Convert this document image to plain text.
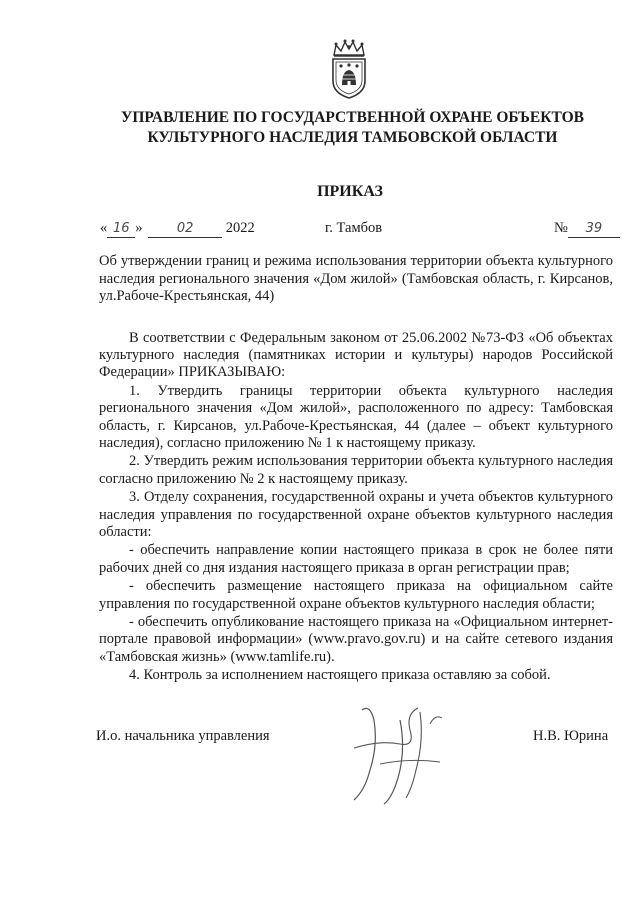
УПРАВЛЕНИЕ ПО ГОСУДАРСТВЕННОЙ ОХРАНЕ ОБЪЕКТОВ
КУЛЬТУРНОГО НАСЛЕДИЯ ТАМБОВСКОЙ ОБЛАСТИ
ПРИКАЗ
« 16 »	02 2022	г. Тамбов	№ 39
Об утверждении границ и режима использования территории объекта культурного наследия регионального значения «Дом жилой» (Тамбовская область, г. Кирсанов, ул.Рабоче-Крестьянская, 44)

В соответствии с Федеральным законом от 25.06.2002 №73-ФЗ «Об объектах культурного наследия (памятниках истории и культуры) народов Российской Федерации» ПРИКАЗЫВАЮ:

1. Утвердить границы территории объекта культурного наследия регионального значения «Дом жилой», расположенного по адресу: Тамбовская область, г. Кирсанов, ул.Рабоче-Крестьянская, 44 (далее – объект культурного наследия), согласно приложению № 1 к настоящему приказу.

2. Утвердить режим использования территории объекта культурного наследия согласно приложению № 2 к настоящему приказу.

3. Отделу сохранения, государственной охраны и учета объектов культурного наследия управления по государственной охране объектов культурного наследия области:

- обеспечить направление копии настоящего приказа в срок не более пяти рабочих дней со дня издания настоящего приказа в орган регистрации прав;

- обеспечить размещение настоящего приказа на официальном сайте управления по государственной охране объектов культурного наследия области;

- обеспечить опубликование настоящего приказа на «Официальном интернет-портале правовой информации» (www.pravo.gov.ru) и на сайте сетевого издания «Тамбовская жизнь» (www.tamlife.ru).

4. Контроль за исполнением настоящего приказа оставляю за собой.

И.о. начальника управления	Н.В. Юрина
